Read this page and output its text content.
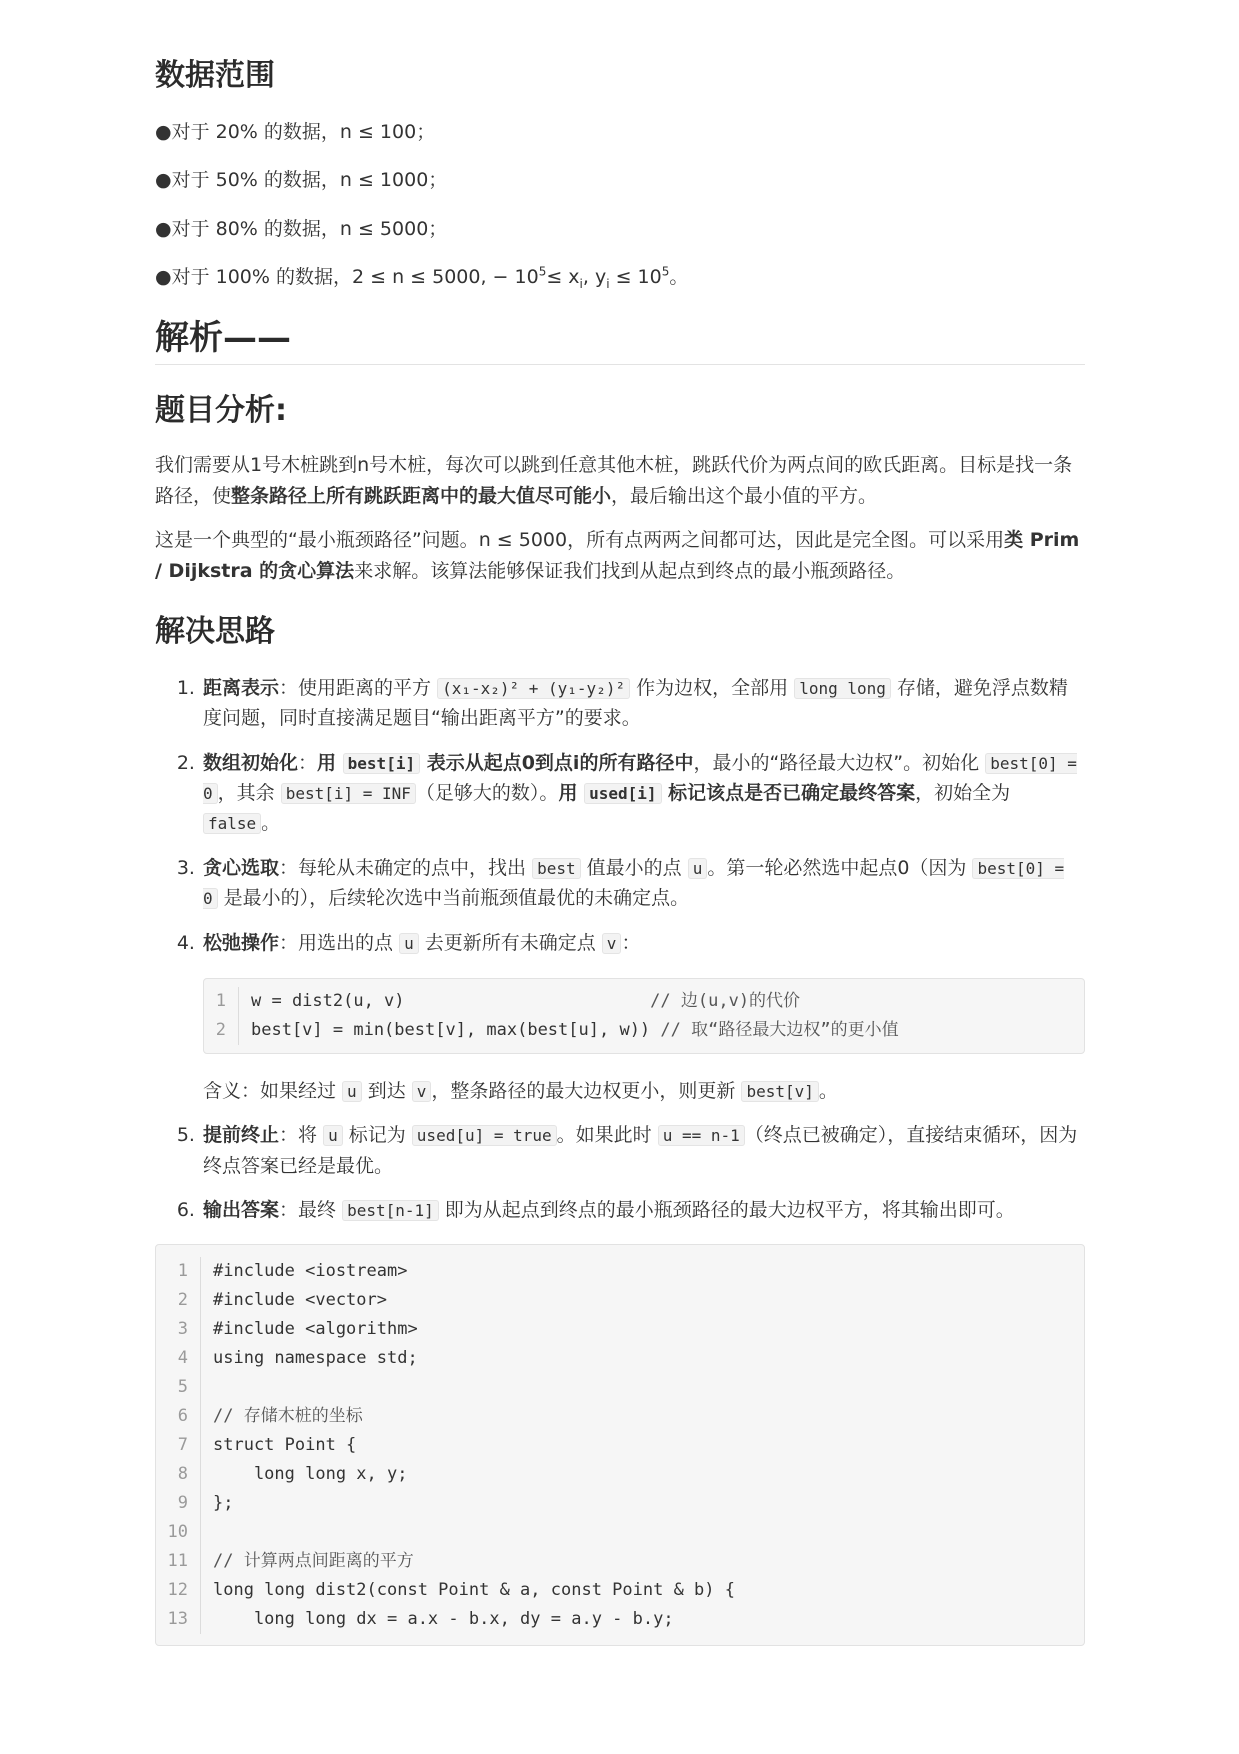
数据范围

●对于 20% 的数据，n ≤ 100；

●对于 50% 的数据，n ≤ 1000；

●对于 80% 的数据，n ≤ 5000；

●对于 100% 的数据，2 ≤ n ≤ 5000, − $10^5\le x_i$, $y_i \le 10^5$。

解析——
题目分析:

我们需要从1号木桩跳到n号木桩，每次可以跳到任意其他木桩，跳跃代价为两点间的欧氏距离。目标是找一条路径，使整条路径上所有跳跃距离中的最大值尽可能小，最后输出这个最小值的平方。

这是一个典型的“最小瓶颈路径”问题。n ≤ 5000，所有点两两之间都可达，因此是完全图。可以采用类 Prim / Dijkstra 的贪心算法来求解。该算法能够保证我们找到从起点到终点的最小瓶颈路径。

解决思路
1. 距离表示：使用距离的平方 (x₁-x₂)² + (y₁-y₂)² 作为边权，全部用 long long 存储，避免浮点数精度问题，同时直接满足题目“输出距离平方”的要求。
2. 数组初始化：用 best[i] 表示从起点0到点i的所有路径中，最小的“路径最大边权”。初始化 best[0] = 0 ，其余 best[i] = INF （足够大的数）。用 used[i] 标记该点是否已确定最终答案，初始全为 false 。
3. 贪心选取：每轮从未确定的点中，找出 best 值最小的点 u 。第一轮必然选中起点0（因为 best[0] = 0 是最小的），后续轮次选中当前瓶颈值最优的未确定点。
4. 松弛操作：用选出的点 u 去更新所有未确定点 v ：
1 w = dist2(u, v)                        // 边(u,v)的代价
2 best[v] = min(best[v], max(best[u], w)) // 取“路径最大边权”的更小值

含义：如果经过 u 到达 v ，整条路径的最大边权更小，则更新 best[v] 。

5. 提前终止：将 u 标记为 used[u] = true 。如果此时 u == n-1 （终点已被确定），直接结束循环，因为终点答案已经是最优。
6. 输出答案：最终 best[n-1] 即为从起点到终点的最小瓶颈路径的最大边权平方，将其输出即可。
1 #include <iostream>
2 #include <vector>
3 #include <algorithm>
4 using namespace std;
5
6 // 存储木桩的坐标
7 struct Point {
8    long long x, y;
9 };
10
11 // 计算两点间距离的平方
12 long long dist2(const Point & a, const Point & b) {
13    long long dx = a.x - b.x, dy = a.y - b.y;
